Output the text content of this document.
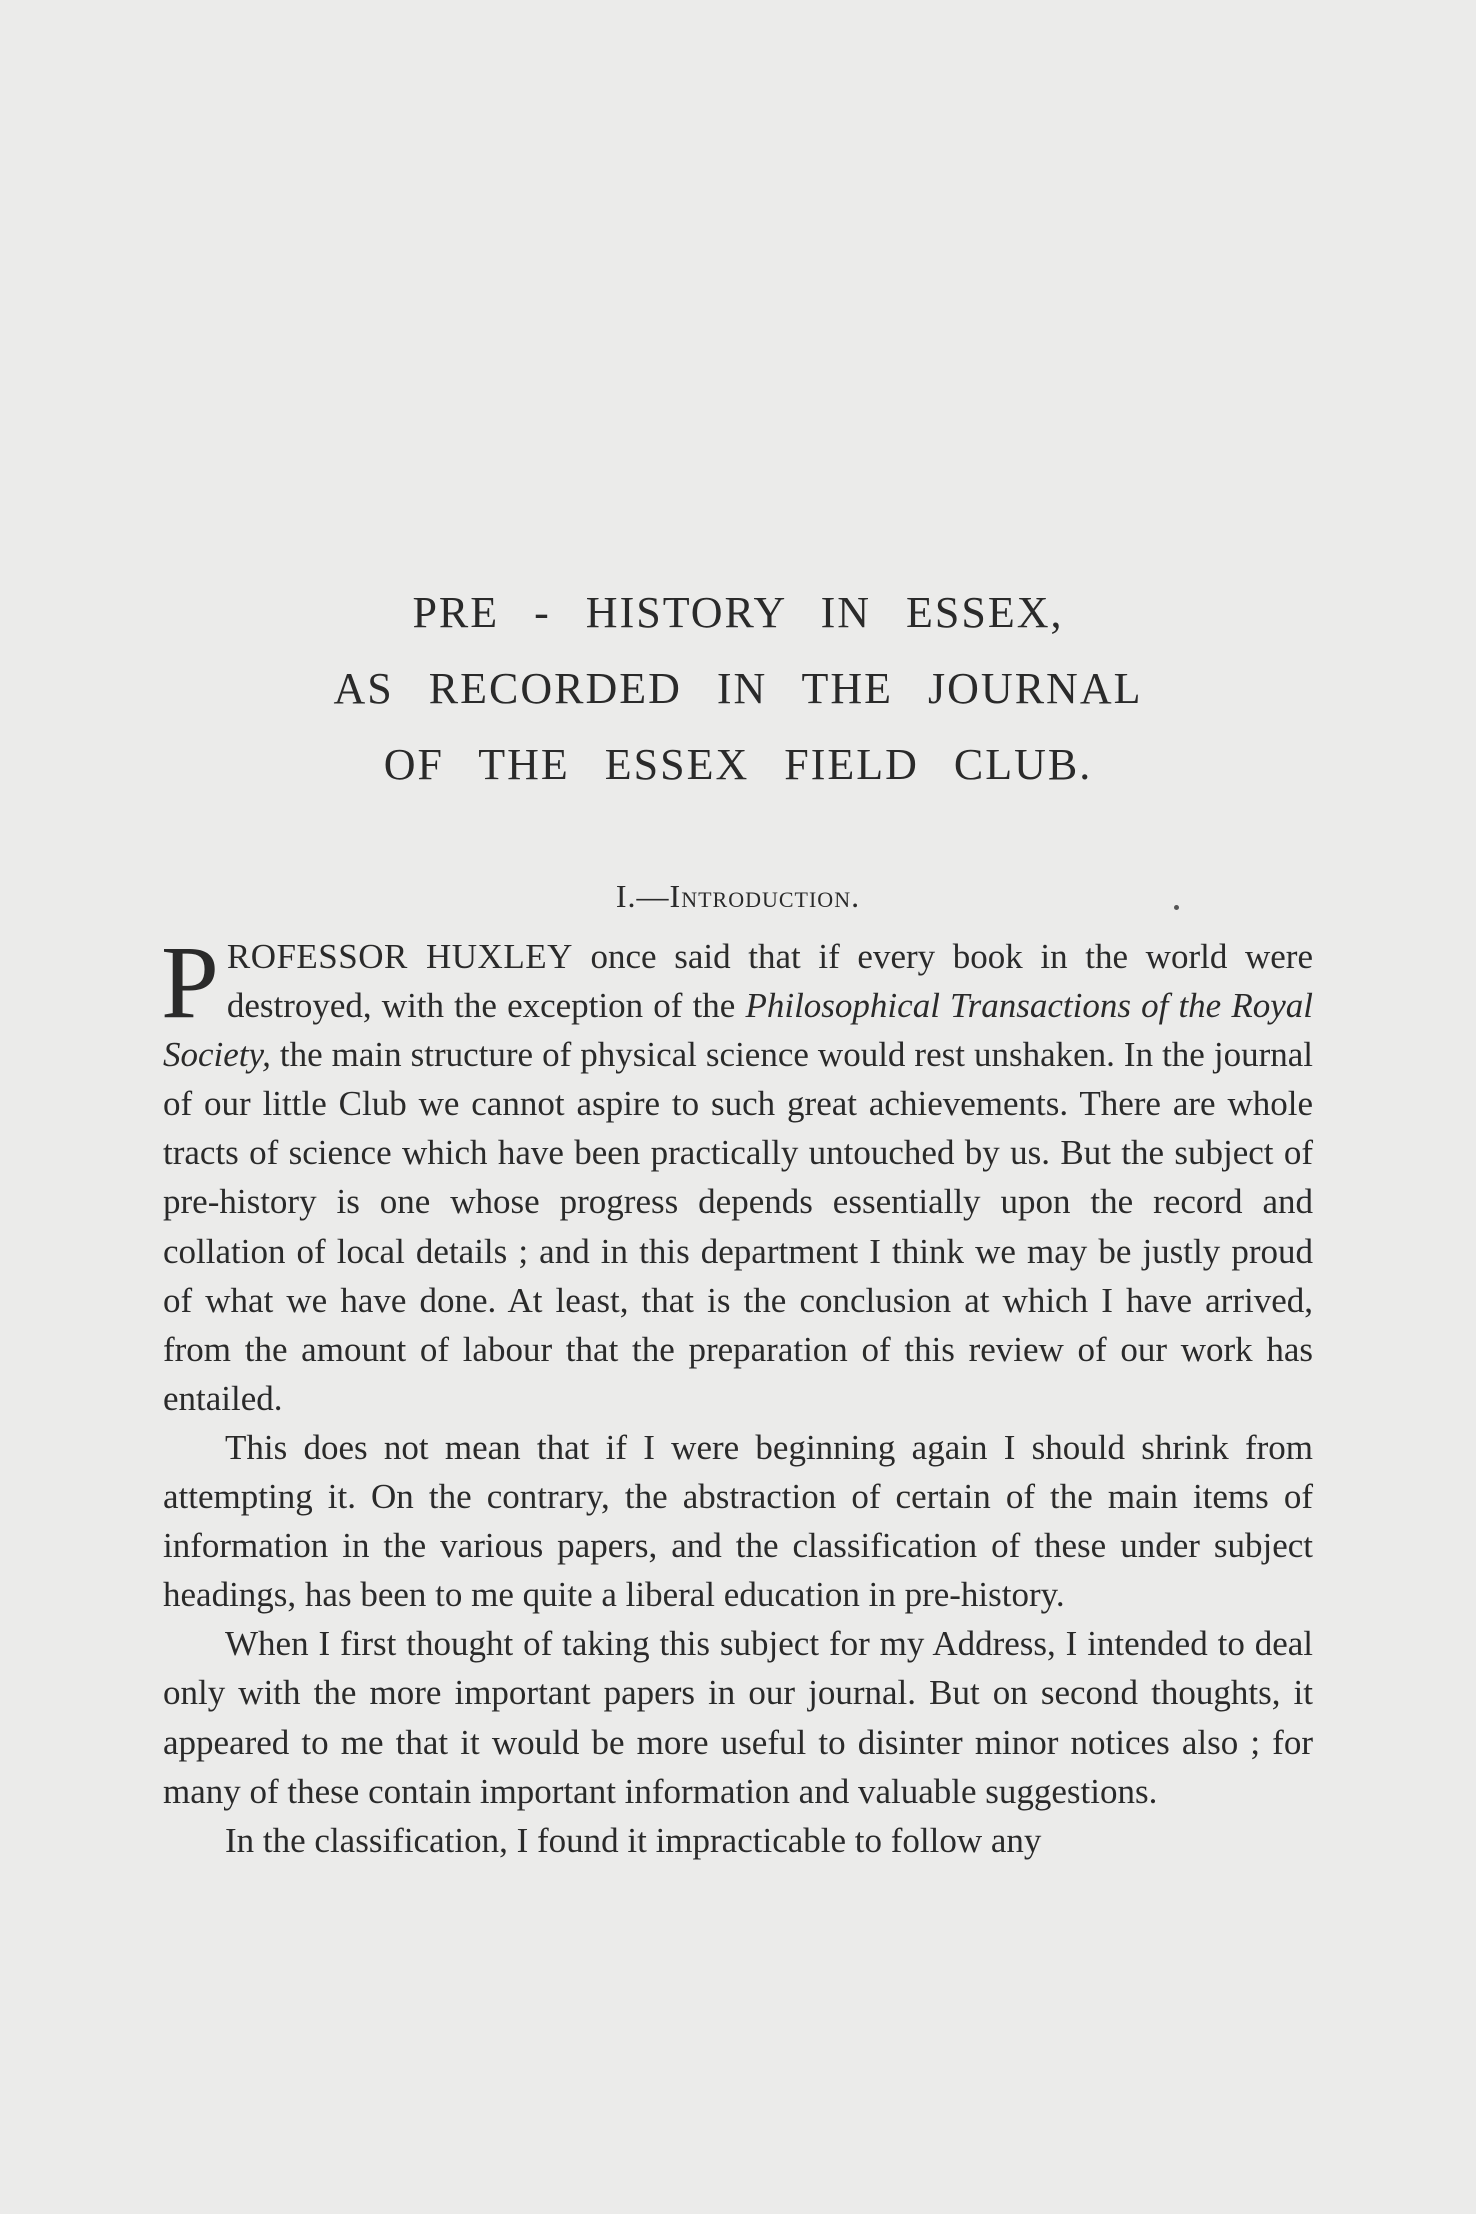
PRE - HISTORY IN ESSEX,
AS RECORDED IN THE JOURNAL
OF THE ESSEX FIELD CLUB.
I.—Introduction.

PROFESSOR HUXLEY once said that if every book in the world were destroyed, with the exception of the Philosophical Transactions of the Royal Society, the main structure of physical science would rest unshaken. In the journal of our little Club we cannot aspire to such great achievements. There are whole tracts of science which have been practically untouched by us. But the subject of pre-history is one whose progress depends essentially upon the record and collation of local details ; and in this department I think we may be justly proud of what we have done. At least, that is the conclusion at which I have arrived, from the amount of labour that the preparation of this review of our work has entailed.

This does not mean that if I were beginning again I should shrink from attempting it. On the contrary, the abstraction of certain of the main items of information in the various papers, and the classification of these under subject headings, has been to me quite a liberal education in pre-history.

When I first thought of taking this subject for my Address, I intended to deal only with the more important papers in our journal. But on second thoughts, it appeared to me that it would be more useful to disinter minor notices also ; for many of these contain important information and valuable suggestions.

In the classification, I found it impracticable to follow any
